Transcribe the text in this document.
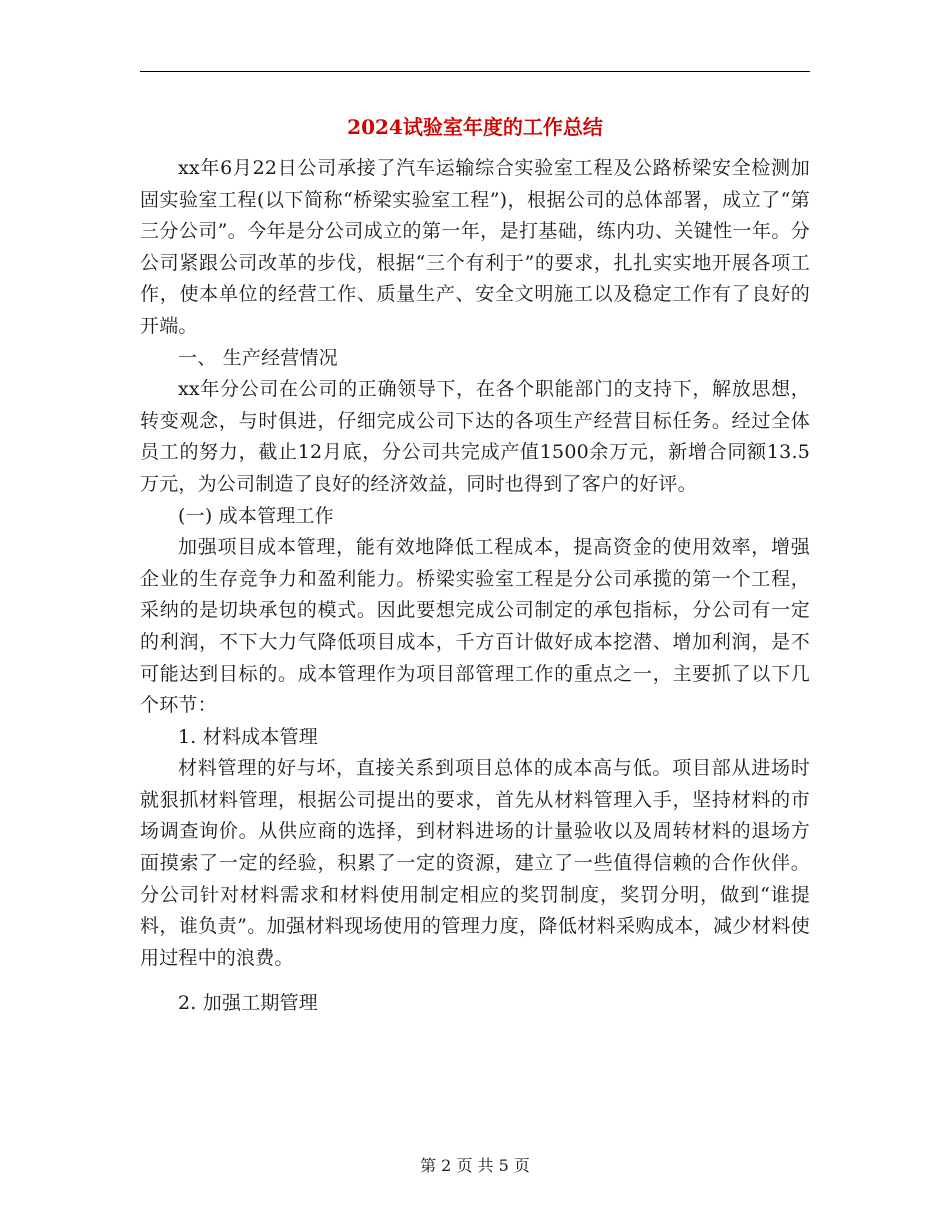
2024试验室年度的工作总结

xx年6月22日公司承接了汽车运输综合实验室工程及公路桥梁安全检测加固实验室工程(以下简称“桥梁实验室工程”)，根据公司的总体部署，成立了“第三分公司”。今年是分公司成立的第一年，是打基础，练内功、关键性一年。分公司紧跟公司改革的步伐，根据“三个有利于”的要求，扎扎实实地开展各项工作，使本单位的经营工作、质量生产、安全文明施工以及稳定工作有了良好的开端。

一、 生产经营情况

xx年分公司在公司的正确领导下，在各个职能部门的支持下，解放思想，转变观念，与时俱进，仔细完成公司下达的各项生产经营目标任务。经过全体员工的努力，截止12月底，分公司共完成产值1500余万元，新增合同额13.5万元，为公司制造了良好的经济效益，同时也得到了客户的好评。

(一) 成本管理工作

加强项目成本管理，能有效地降低工程成本，提高资金的使用效率，增强企业的生存竞争力和盈利能力。桥梁实验室工程是分公司承揽的第一个工程，采纳的是切块承包的模式。因此要想完成公司制定的承包指标，分公司有一定的利润，不下大力气降低项目成本，千方百计做好成本挖潜、增加利润，是不可能达到目标的。成本管理作为项目部管理工作的重点之一，主要抓了以下几个环节：

1. 材料成本管理

材料管理的好与坏，直接关系到项目总体的成本高与低。项目部从进场时就狠抓材料管理，根据公司提出的要求，首先从材料管理入手，坚持材料的市场调查询价。从供应商的选择，到材料进场的计量验收以及周转材料的退场方面摸索了一定的经验，积累了一定的资源，建立了一些值得信赖的合作伙伴。分公司针对材料需求和材料使用制定相应的奖罚制度，奖罚分明，做到“谁提料，谁负责”。加强材料现场使用的管理力度，降低材料采购成本，减少材料使用过程中的浪费。

2. 加强工期管理

第 2 页 共 5 页
